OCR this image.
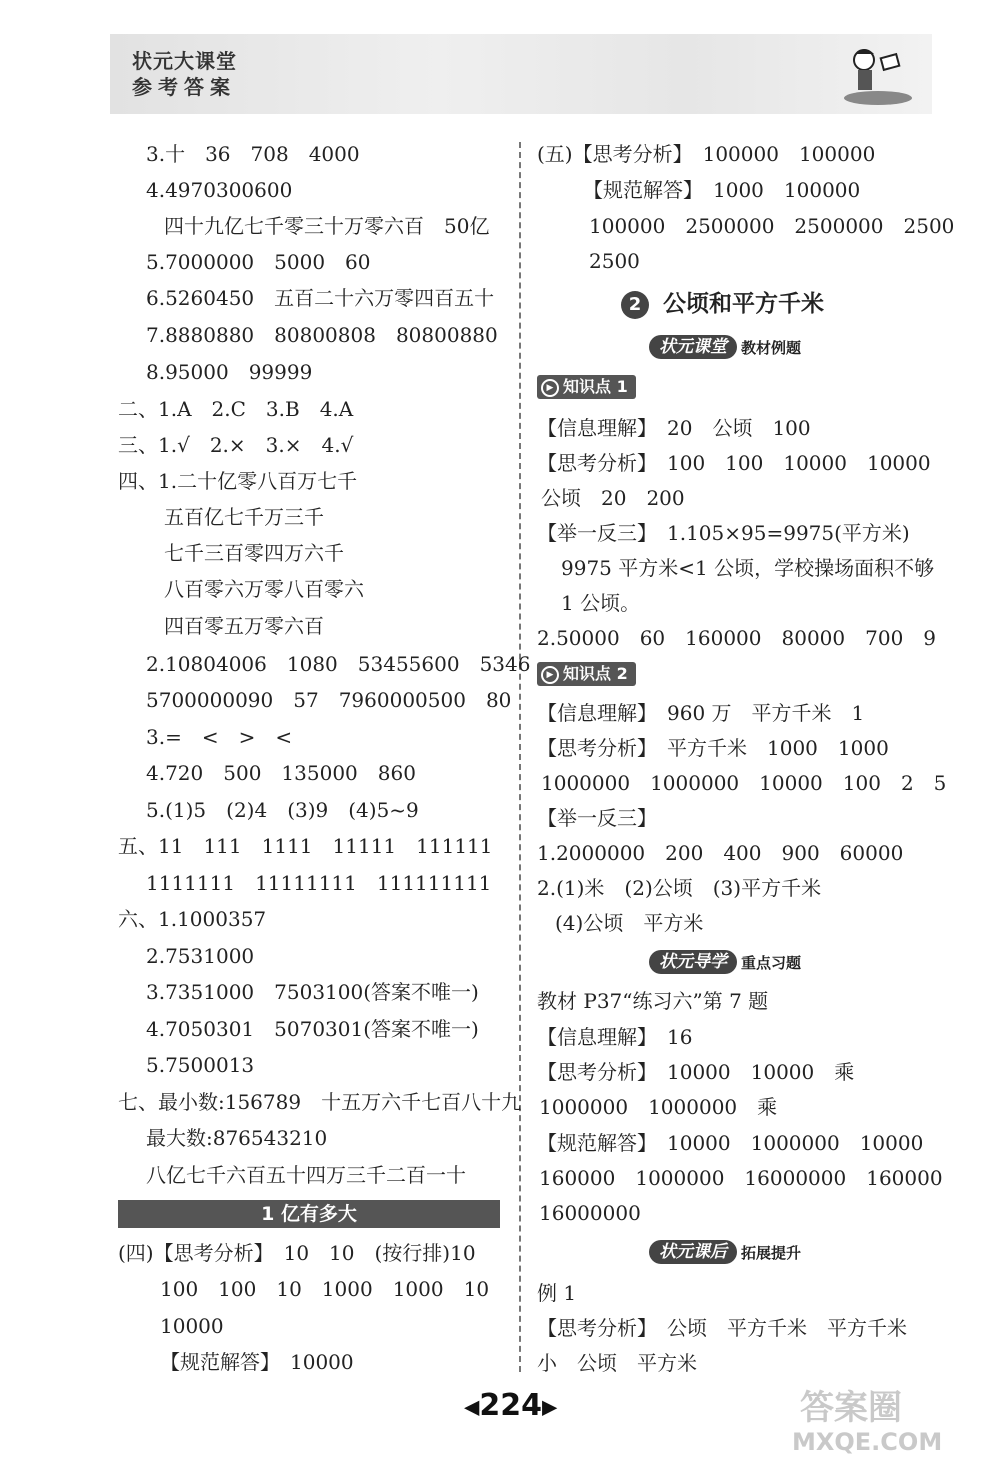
状元大课堂
参考答案
3.十　36　708　4000
4.4970300600
四十九亿七千零三十万零六百　50亿
5.7000000　5000　60
6.5260450　五百二十六万零四百五十
7.8880880　80800808　80800880
8.95000　99999
二、1.A　2.C　3.B　4.A
三、1.√　2.×　3.×　4.√
四、1.二十亿零八百万七千
五百亿七千万三千
七千三百零四万六千
八百零六万零八百零六
四百零五万零六百
2.10804006　1080　53455600　5346
5700000090　57　7960000500　80
3.=　<　>　<
4.720　500　135000　860
5.(1)5　(2)4　(3)9　(4)5~9
五、11　111　1111　11111　111111
1111111　11111111　111111111
六、1.1000357
2.7531000
3.7351000　7503100(答案不唯一)
4.7050301　5070301(答案不唯一)
5.7500013
七、最小数:156789　十五万六千七百八十九
最大数:876543210
八亿七千六百五十四万三千二百一十
1 亿有多大
(四)【思考分析】　10　10　(按行排)10
100　100　10　1000　1000　10
10000
【规范解答】　10000
(五)【思考分析】　100000　100000
【规范解答】　1000　100000
100000　2500000　2500000　2500
2500
2 公顷和平方千米
状元课堂 教材例题
▶ 知识点 1
【信息理解】　20　公顷　100
【思考分析】　100　100　10000　10000
公顷　20　200
【举一反三】　1.105×95=9975(平方米)
9975 平方米<1 公顷，学校操场面积不够
1 公顷。
2.50000　60　160000　80000　700　9
▶ 知识点 2
【信息理解】　960 万　平方千米　1
【思考分析】　平方千米　1000　1000
1000000　1000000　10000　100　2　5
【举一反三】
1.2000000　200　400　900　60000
2.(1)米　(2)公顷　(3)平方千米
(4)公顷　平方米
状元导学 重点习题
教材 P37“练习六”第 7 题
【信息理解】　16
【思考分析】　10000　10000　乘
1000000　1000000　乘
【规范解答】　10000　1000000　10000
160000　1000000　16000000　160000
16000000
状元课后 拓展提升
例 1
【思考分析】　公顷　平方千米　平方千米
小　公顷　平方米
◀224▶	答案圈
MXQE.COM
